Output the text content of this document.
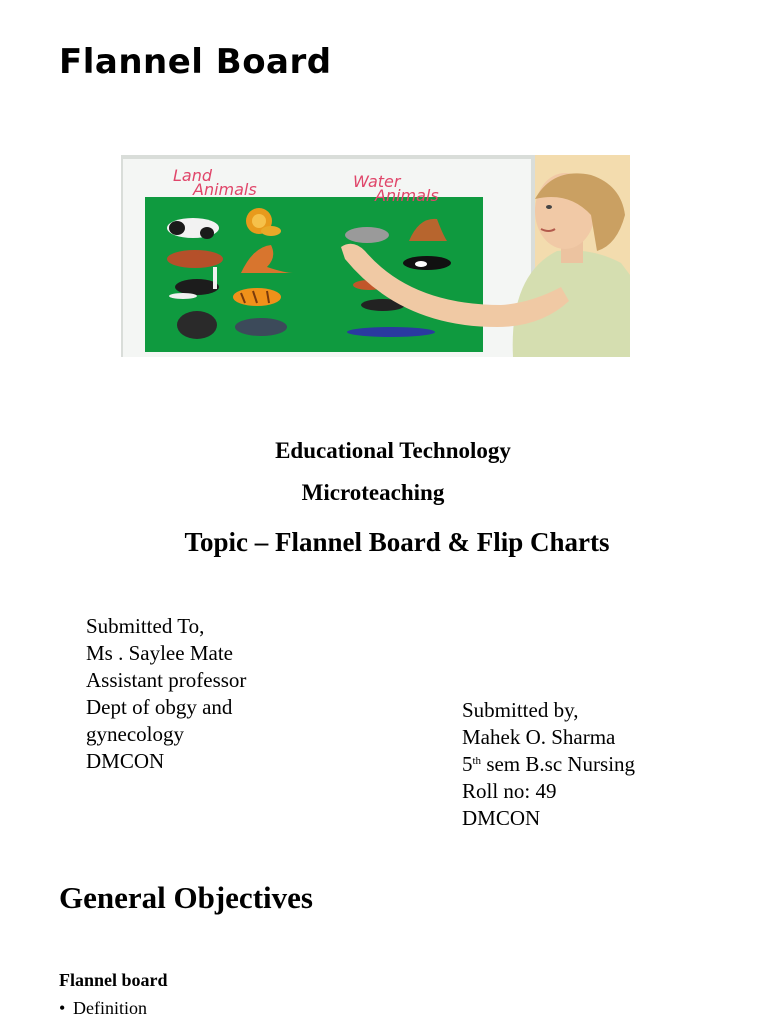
Flannel Board
Land
Animals	Water
Animals
Educational Technology
Microteaching
Topic – Flannel Board & Flip Charts
Submitted To,
Ms . Saylee Mate
Assistant professor
Dept of obgy and
gynecology
DMCON
Submitted by,
Mahek O. Sharma
5th sem B.sc Nursing
Roll no: 49
DMCON
General Objectives
Flannel board
• Definition
